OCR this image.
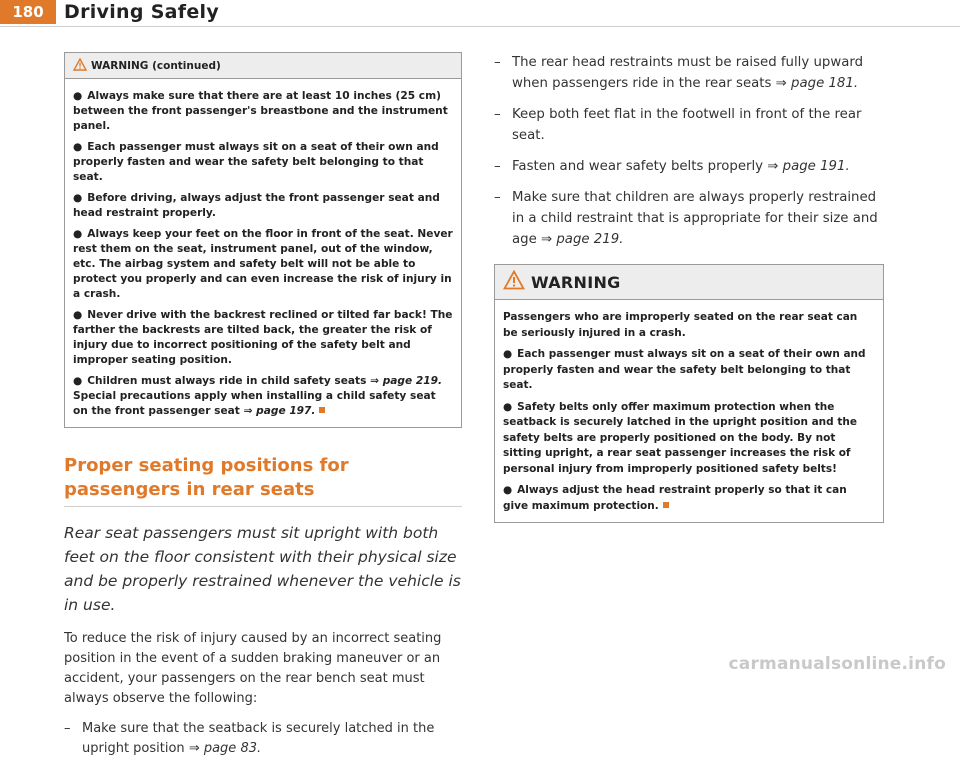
180 Driving Safely
WARNING (continued)

● Always make sure that there are at least 10 inches (25 cm) between the front passenger's breastbone and the instrument panel.

● Each passenger must always sit on a seat of their own and properly fasten and wear the safety belt belonging to that seat.

● Before driving, always adjust the front passenger seat and head restraint properly.

● Always keep your feet on the floor in front of the seat. Never rest them on the seat, instrument panel, out of the window, etc. The airbag system and safety belt will not be able to protect you properly and can even increase the risk of injury in a crash.

● Never drive with the backrest reclined or tilted far back! The farther the backrests are tilted back, the greater the risk of injury due to incorrect positioning of the safety belt and improper seating position.

● Children must always ride in child safety seats ⇒ page 219. Special precautions apply when installing a child safety seat on the front passenger seat ⇒ page 197.

Proper seating positions for passengers in rear seats

Rear seat passengers must sit upright with both feet on the floor consistent with their physical size and be properly restrained whenever the vehicle is in use.

To reduce the risk of injury caused by an incorrect seating position in the event of a sudden braking maneuver or an accident, your passengers on the rear bench seat must always observe the following:

– Make sure that the seatback is securely latched in the upright position ⇒ page 83.
– The rear head restraints must be raised fully upward when passengers ride in the rear seats ⇒ page 181.
– Keep both feet flat in the footwell in front of the rear seat.
– Fasten and wear safety belts properly ⇒ page 191.
– Make sure that children are always properly restrained in a child restraint that is appropriate for their size and age ⇒ page 219.
WARNING

Passengers who are improperly seated on the rear seat can be seriously injured in a crash.

● Each passenger must always sit on a seat of their own and properly fasten and wear the safety belt belonging to that seat.

● Safety belts only offer maximum protection when the seatback is securely latched in the upright position and the safety belts are properly positioned on the body. By not sitting upright, a rear seat passenger increases the risk of personal injury from improperly positioned safety belts!

● Always adjust the head restraint properly so that it can give maximum protection.

carmanualsonline.info
